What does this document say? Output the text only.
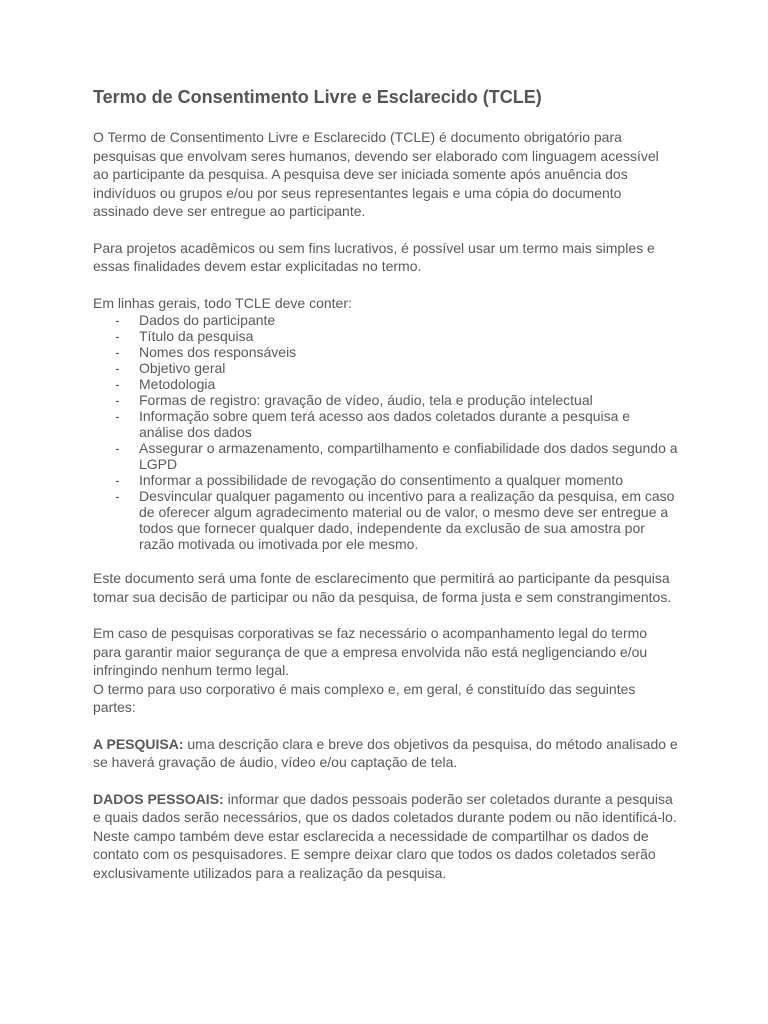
Termo de Consentimento Livre e Esclarecido (TCLE)

O Termo de Consentimento Livre e Esclarecido (TCLE) é documento obrigatório para pesquisas que envolvam seres humanos, devendo ser elaborado com linguagem acessível ao participante da pesquisa. A pesquisa deve ser iniciada somente após anuência dos indivíduos ou grupos e/ou por seus representantes legais e uma cópia do documento assinado deve ser entregue ao participante.

Para projetos acadêmicos ou sem fins lucrativos, é possível usar um termo mais simples e essas finalidades devem estar explicitadas no termo.

Em linhas gerais, todo TCLE deve conter:

- Dados do participante
- Título da pesquisa
- Nomes dos responsáveis
- Objetivo geral
- Metodologia
- Formas de registro: gravação de vídeo, áudio, tela e produção intelectual
- Informação sobre quem terá acesso aos dados coletados durante a pesquisa e análise dos dados
- Assegurar o armazenamento, compartilhamento e confiabilidade dos dados segundo a LGPD
- Informar a possibilidade de revogação do consentimento a qualquer momento
- Desvincular qualquer pagamento ou incentivo para a realização da pesquisa, em caso de oferecer algum agradecimento material ou de valor, o mesmo deve ser entregue a todos que fornecer qualquer dado, independente da exclusão de sua amostra por razão motivada ou imotivada por ele mesmo.

Este documento será uma fonte de esclarecimento que permitirá ao participante da pesquisa tomar sua decisão de participar ou não da pesquisa, de forma justa e sem constrangimentos.

Em caso de pesquisas corporativas se faz necessário o acompanhamento legal do termo para garantir maior segurança de que a empresa envolvida não está negligenciando e/ou infringindo nenhum termo legal.

O termo para uso corporativo é mais complexo e, em geral, é constituído das seguintes partes:

A PESQUISA: uma descrição clara e breve dos objetivos da pesquisa, do método analisado e se haverá gravação de áudio, vídeo e/ou captação de tela.

DADOS PESSOAIS: informar que dados pessoais poderão ser coletados durante a pesquisa e quais dados serão necessários, que os dados coletados durante podem ou não identificá-lo. Neste campo também deve estar esclarecida a necessidade de compartilhar os dados de contato com os pesquisadores. E sempre deixar claro que todos os dados coletados serão exclusivamente utilizados para a realização da pesquisa.
